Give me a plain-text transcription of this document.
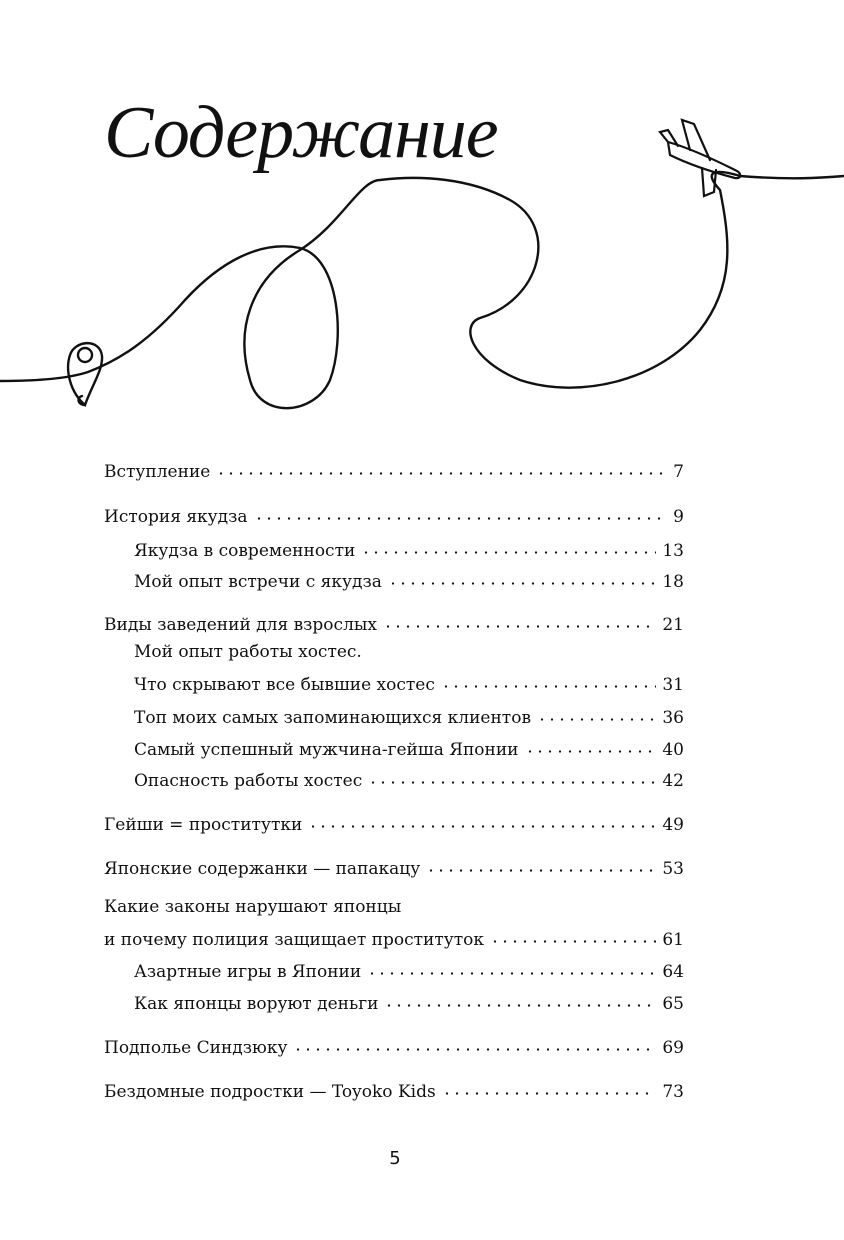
Содержание
Вступление	7
История якудза	9
Якудза в современности	13
Мой опыт встречи с якудза	18
Виды заведений для взрослых	21
Мой опыт работы хостес.
Что скрывают все бывшие хостес	31
Топ моих самых запоминающихся клиентов	36
Самый успешный мужчина-гейша Японии	40
Опасность работы хостес	42
Гейши = проститутки	49
Японские содержанки — папакацу	53
Какие законы нарушают японцы
и почему полиция защищает проституток	61
Азартные игры в Японии	64
Как японцы воруют деньги	65
Подполье Синдзюку	69
Бездомные подростки — Toyoko Kids	73
5
